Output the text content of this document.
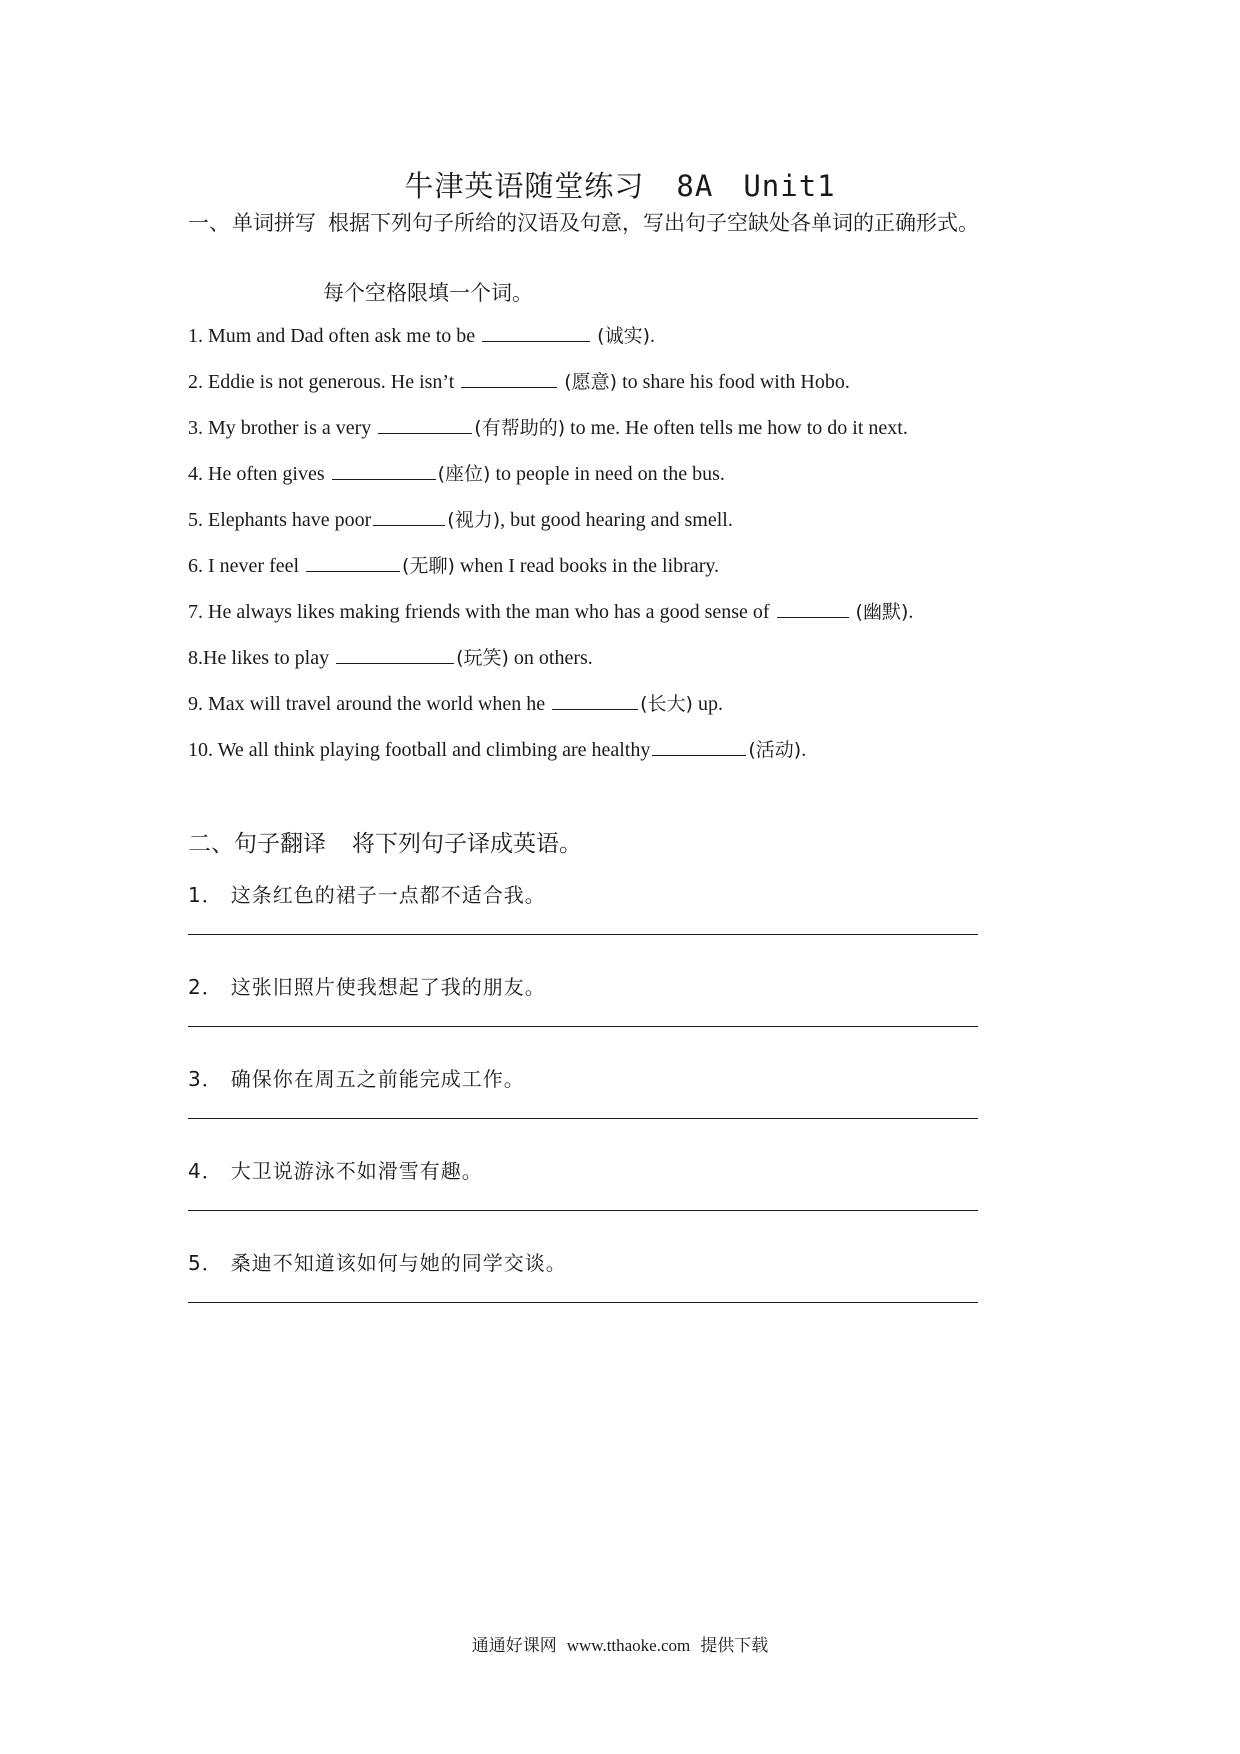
牛津英语随堂练习 8A Unit1
一、单词拼写 根据下列句子所给的汉语及句意，写出句子空缺处各单词的正确形式。
每个空格限填一个词。
1. Mum and Dad often ask me to be	(诚实).
2. Eddie is not generous. He isn’t	(愿意) to share his food with Hobo.
3. My brother is a very	(有帮助的) to me. He often tells me how to do it next.
4. He often gives	(座位) to people in need on the bus.
5. Elephants have poor	(视力), but good hearing and smell.
6. I never feel	(无聊) when I read books in the library.
7. He always likes making friends with the man who has a good sense of	(幽默).
8.He likes to play	(玩笑) on others.
9. Max will travel around the world when he	(长大) up.
10. We all think playing football and climbing are healthy	(活动).
二、句子翻译 将下列句子译成英语。
1． 这条红色的裙子一点都不适合我。
2． 这张旧照片使我想起了我的朋友。
3． 确保你在周五之前能完成工作。
4． 大卫说游泳不如滑雪有趣。
5． 桑迪不知道该如何与她的同学交谈。
通通好课网 www.tthaoke.com 提供下载
